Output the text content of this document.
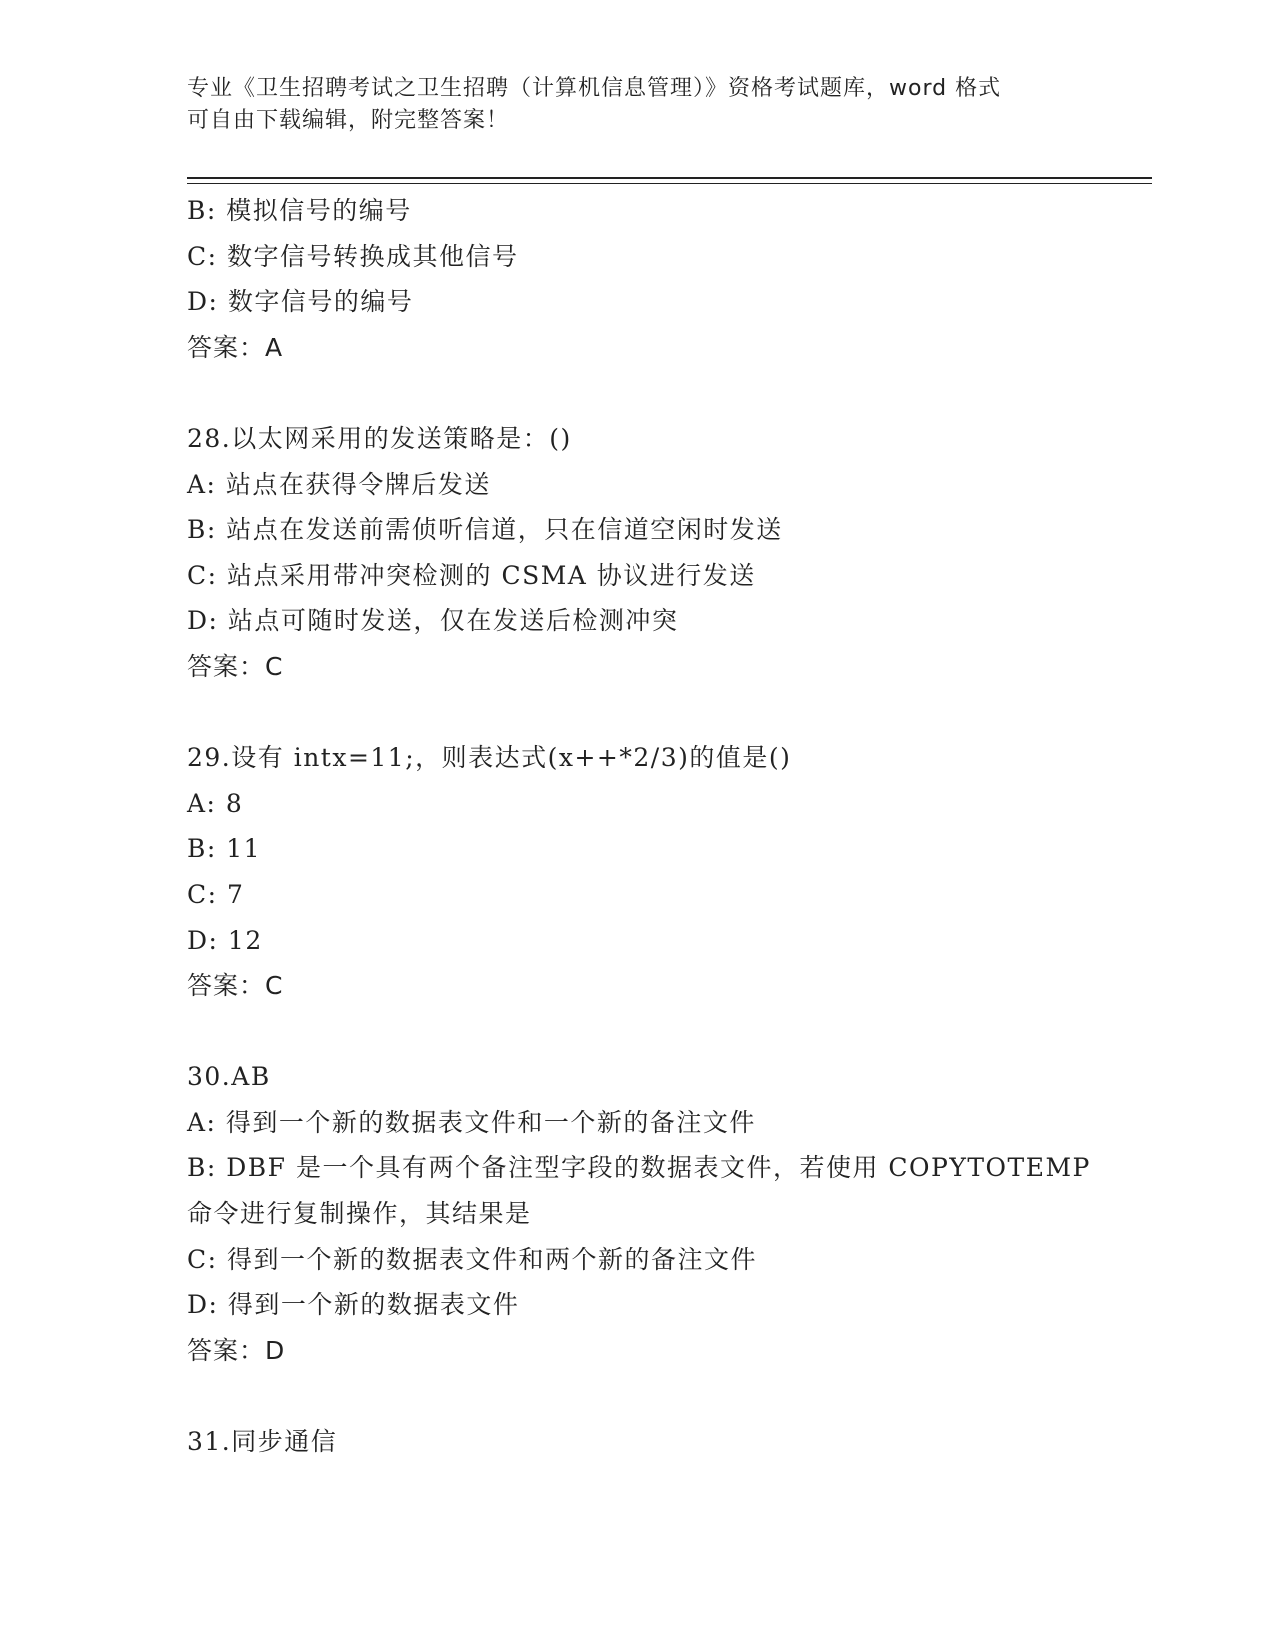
专业《卫生招聘考试之卫生招聘（计算机信息管理）》资格考试题库，word 格式
可自由下载编辑，附完整答案！
B: 模拟信号的编号
C: 数字信号转换成其他信号
D: 数字信号的编号
答案：A
28.以太网采用的发送策略是：()
A: 站点在获得令牌后发送
B: 站点在发送前需侦听信道，只在信道空闲时发送
C: 站点采用带冲突检测的 CSMA 协议进行发送
D: 站点可随时发送，仅在发送后检测冲突
答案：C
29.设有 intx=11;，则表达式(x++*2/3)的值是()
A: 8
B: 11
C: 7
D: 12
答案：C
30.AB
A: 得到一个新的数据表文件和一个新的备注文件
B: DBF 是一个具有两个备注型字段的数据表文件，若使用 COPYTOTEMP
命令进行复制操作，其结果是
C: 得到一个新的数据表文件和两个新的备注文件
D: 得到一个新的数据表文件
答案：D
31.同步通信
